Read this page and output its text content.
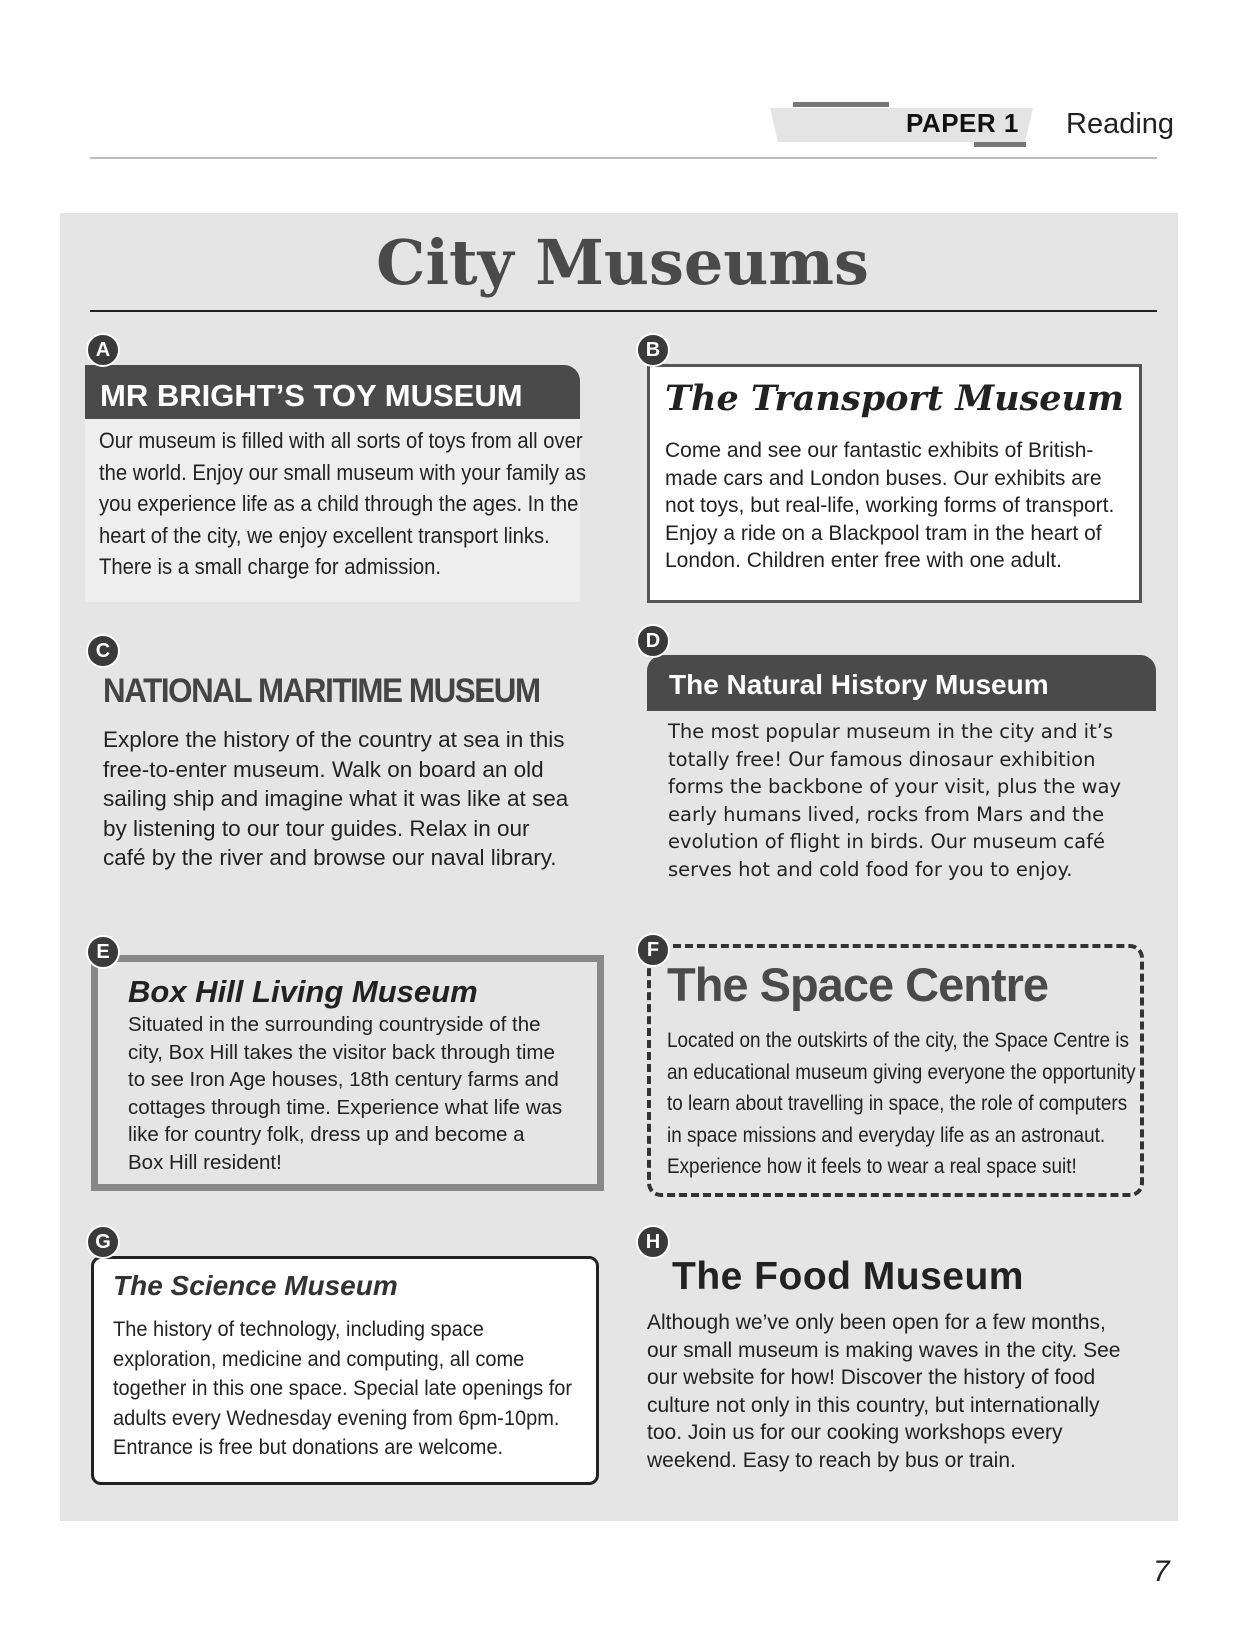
PAPER 1 Reading
City Museums
A
MR BRIGHT’S TOY MUSEUM
Our museum is filled with all sorts of toys from all over
the world. Enjoy our small museum with your family as
you experience life as a child through the ages. In the
heart of the city, we enjoy excellent transport links.
There is a small charge for admission.
B
The Transport Museum
Come and see our fantastic exhibits of British-
made cars and London buses. Our exhibits are
not toys, but real-life, working forms of transport.
Enjoy a ride on a Blackpool tram in the heart of
London. Children enter free with one adult.
C
NATIONAL MARITIME MUSEUM
Explore the history of the country at sea in this
free-to-enter museum. Walk on board an old
sailing ship and imagine what it was like at sea
by listening to our tour guides. Relax in our
café by the river and browse our naval library.
D
The Natural History Museum
The most popular museum in the city and it’s
totally free! Our famous dinosaur exhibition
forms the backbone of your visit, plus the way
early humans lived, rocks from Mars and the
evolution of flight in birds. Our museum café
serves hot and cold food for you to enjoy.
E
Box Hill Living Museum
Situated in the surrounding countryside of the
city, Box Hill takes the visitor back through time
to see Iron Age houses, 18th century farms and
cottages through time. Experience what life was
like for country folk, dress up and become a
Box Hill resident!
F
The Space Centre
Located on the outskirts of the city, the Space Centre is
an educational museum giving everyone the opportunity
to learn about travelling in space, the role of computers
in space missions and everyday life as an astronaut.
Experience how it feels to wear a real space suit!
G
The Science Museum
The history of technology, including space
exploration, medicine and computing, all come
together in this one space. Special late openings for
adults every Wednesday evening from 6pm-10pm.
Entrance is free but donations are welcome.
H
The Food Museum
Although we’ve only been open for a few months,
our small museum is making waves in the city. See
our website for how! Discover the history of food
culture not only in this country, but internationally
too. Join us for our cooking workshops every
weekend. Easy to reach by bus or train.
7
